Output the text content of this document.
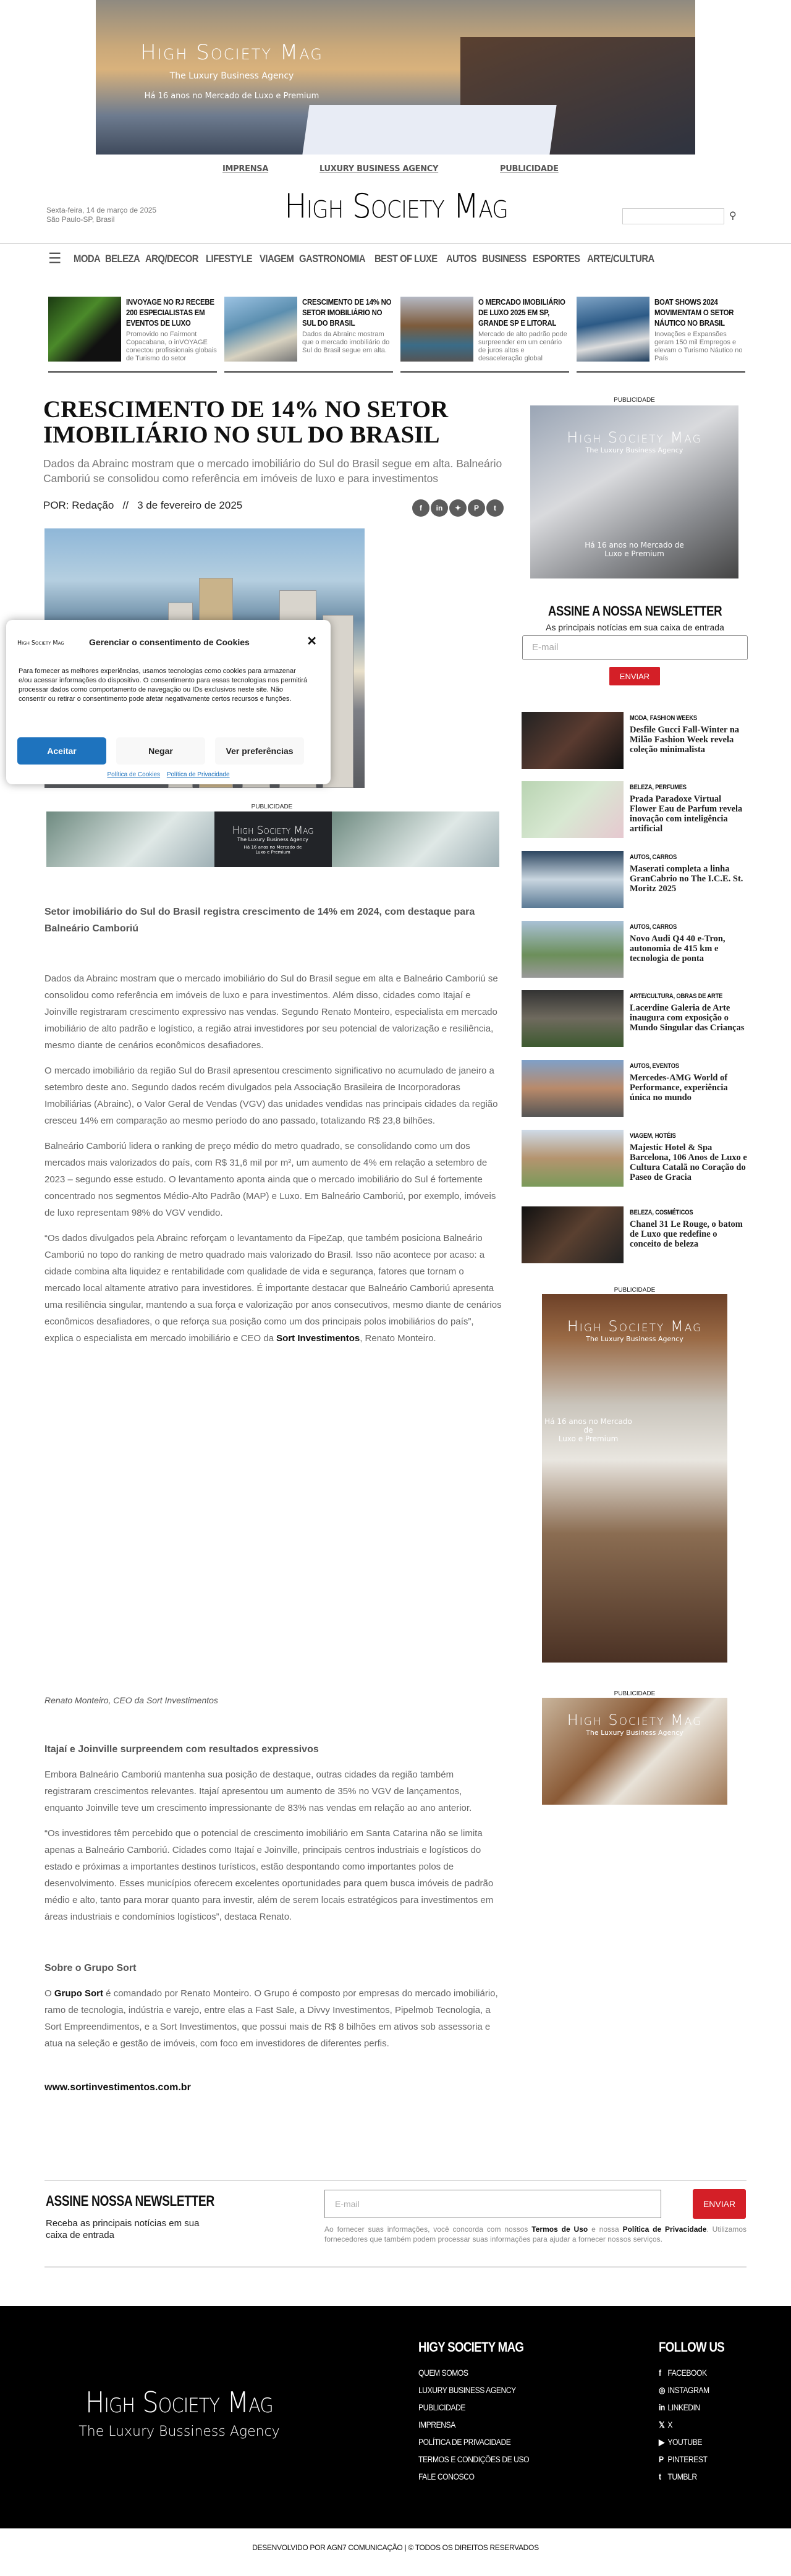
High Society Mag
The Luxury Business Agency
Há 16 anos no Mercado de Luxo e Premium
IMPRENSA	LUXURY BUSINESS AGENCY	PUBLICIDADE
Sexta-feira, 14 de março de 2025
São Paulo-SP, Brasil	High Society Mag	⚲
☰ MODA BELEZA ARQ/DECOR LIFESTYLE VIAGEM GASTRONOMIA BEST OF LUXE AUTOS BUSINESS ESPORTES ARTE/CULTURA
INVOYAGE NO RJ RECEBE 200 ESPECIALISTAS EM EVENTOS DE LUXO
Promovido no Fairmont Copacabana, o inVOYAGE conectou profissionais globais de Turismo do setor
CRESCIMENTO DE 14% NO SETOR IMOBILIÁRIO NO SUL DO BRASIL
Dados da Abrainc mostram que o mercado imobiliário do Sul do Brasil segue em alta.
O MERCADO IMOBILIÁRIO DE LUXO 2025 EM SP, GRANDE SP E LITORAL
Mercado de alto padrão pode surpreender em um cenário de juros altos e desaceleração global
BOAT SHOWS 2024 MOVIMENTAM O SETOR NÁUTICO NO BRASIL
Inovações e Expansões geram 150 mil Empregos e elevam o Turismo Náutico no País
CRESCIMENTO DE 14% NO SETOR IMOBILIÁRIO NO SUL DO BRASIL
Dados da Abrainc mostram que o mercado imobiliário do Sul do Brasil segue em alta. Balneário Camboriú se consolidou como referência em imóveis de luxo e para investimentos
POR: Redação   //   3 de fevereiro de 2025	f	in	✦	P	t
PUBLICIDADE
High Society Mag
The Luxury Business Agency
Há 16 anos no Mercado de
Luxo e Premium

Setor imobiliário do Sul do Brasil registra crescimento de 14% em 2024, com destaque para Balneário Camboriú

Dados da Abrainc mostram que o mercado imobiliário do Sul do Brasil segue em alta e Balneário Camboriú se consolidou como referência em imóveis de luxo e para investimentos. Além disso, cidades como Itajaí e Joinville registraram crescimento expressivo nas vendas. Segundo Renato Monteiro, especialista em mercado imobiliário de alto padrão e logístico, a região atrai investidores por seu potencial de valorização e resiliência, mesmo diante de cenários econômicos desafiadores.

O mercado imobiliário da região Sul do Brasil apresentou crescimento significativo no acumulado de janeiro a setembro deste ano. Segundo dados recém divulgados pela Associação Brasileira de Incorporadoras Imobiliárias (Abrainc), o Valor Geral de Vendas (VGV) das unidades vendidas nas principais cidades da região cresceu 14% em comparação ao mesmo período do ano passado, totalizando R$ 23,8 bilhões.

Balneário Camboriú lidera o ranking de preço médio do metro quadrado, se consolidando como um dos mercados mais valorizados do país, com R$ 31,6 mil por m², um aumento de 4% em relação a setembro de 2023 – segundo esse estudo. O levantamento aponta ainda que o mercado imobiliário do Sul é fortemente concentrado nos segmentos Médio-Alto Padrão (MAP) e Luxo. Em Balneário Camboriú, por exemplo, imóveis de luxo representam 98% do VGV vendido.

“Os dados divulgados pela Abrainc reforçam o levantamento da FipeZap, que também posiciona Balneário Camboriú no topo do ranking de metro quadrado mais valorizado do Brasil. Isso não acontece por acaso: a cidade combina alta liquidez e rentabilidade com qualidade de vida e segurança, fatores que tornam o mercado local altamente atrativo para investidores. É importante destacar que Balneário Camboriú apresenta uma resiliência singular, mantendo a sua força e valorização por anos consecutivos, mesmo diante de cenários econômicos desafiadores, o que reforça sua posição como um dos principais polos imobiliários do país”, explica o especialista em mercado imobiliário e CEO da Sort Investimentos, Renato Monteiro.

Renato Monteiro, CEO da Sort Investimentos

Itajaí e Joinville surpreendem com resultados expressivos

Embora Balneário Camboriú mantenha sua posição de destaque, outras cidades da região também registraram crescimentos relevantes. Itajaí apresentou um aumento de 35% no VGV de lançamentos, enquanto Joinville teve um crescimento impressionante de 83% nas vendas em relação ao ano anterior.

“Os investidores têm percebido que o potencial de crescimento imobiliário em Santa Catarina não se limita apenas a Balneário Camboriú. Cidades como Itajaí e Joinville, principais centros industriais e logísticos do estado e próximas a importantes destinos turísticos, estão despontando como importantes polos de desenvolvimento. Esses municípios oferecem excelentes oportunidades para quem busca imóveis de padrão médio e alto, tanto para morar quanto para investir, além de serem locais estratégicos para investimentos em áreas industriais e condomínios logísticos”, destaca Renato.

Sobre o Grupo Sort

O Grupo Sort é comandado por Renato Monteiro. O Grupo é composto por empresas do mercado imobiliário, ramo de tecnologia, indústria e varejo, entre elas a Fast Sale, a Divvy Investimentos, Pipelmob Tecnologia, a Sort Empreendimentos, e a Sort Investimentos, que possui mais de R$ 8 bilhões em ativos sob assessoria e atua na seleção e gestão de imóveis, com foco em investidores de diferentes perfis.

www.sortinvestimentos.com.br

PUBLICIDADE
High Society Mag
The Luxury Business Agency
Há 16 anos no Mercado de
Luxo e Premium
ASSINE A NOSSA NEWSLETTER
As principais notícias em sua caixa de entrada
E-mail
ENVIAR
MODA, FASHION WEEKS
Desfile Gucci Fall-Winter na Milão Fashion Week revela coleção minimalista
BELEZA, PERFUMES
Prada Paradoxe Virtual Flower Eau de Parfum revela inovação com inteligência artificial
AUTOS, CARROS
Maserati completa a linha GranCabrio no The I.C.E. St. Moritz 2025
AUTOS, CARROS
Novo Audi Q4 40 e-Tron, autonomia de 415 km e tecnologia de ponta
ARTE/CULTURA, OBRAS DE ARTE
Lacerdine Galeria de Arte inaugura com exposição o Mundo Singular das Crianças
AUTOS, EVENTOS
Mercedes-AMG World of Performance, experiência única no mundo
VIAGEM, HOTÉIS
Majestic Hotel & Spa Barcelona, 106 Anos de Luxo e Cultura Catalã no Coração do Paseo de Gracia
BELEZA, COSMÉTICOS
Chanel 31 Le Rouge, o batom de Luxo que redefine o conceito de beleza
PUBLICIDADE
High Society Mag
The Luxury Business Agency
Há 16 anos no Mercado de
Luxo e Premium
PUBLICIDADE
High Society Mag
The Luxury Business Agency
High Society Mag	Gerenciar o consentimento de Cookies	✕
Para fornecer as melhores experiências, usamos tecnologias como cookies para armazenar e/ou acessar informações do dispositivo. O consentimento para essas tecnologias nos permitirá processar dados como comportamento de navegação ou IDs exclusivos neste site. Não consentir ou retirar o consentimento pode afetar negativamente certos recursos e funções.
Aceitar	Negar	Ver preferências
Política de Cookies Política de Privacidade
ASSINE NOSSA NEWSLETTER
Receba as principais notícias em sua caixa de entrada
E-mail	ENVIAR
Ao fornecer suas informações, você concorda com nossos Termos de Uso e nossa Política de Privacidade. Utilizamos fornecedores que também podem processar suas informações para ajudar a fornecer nossos serviços.
High Society Mag
The Luxury Bussiness Agency
HIGY SOCIETY MAG	FOLLOW US
QUEM SOMOS
LUXURY BUSINESS AGENCY
PUBLICIDADE
IMPRENSA
POLÍTICA DE PRIVACIDADE
TERMOS E CONDIÇÕES DE USO
FALE CONOSCO
f FACEBOOK
◎ INSTAGRAM
in LINKEDIN
𝕏 X
▶ YOUTUBE
P PINTEREST
t TUMBLR
DESENVOLVIDO POR AGN7 COMUNICAÇÃO | © TODOS OS DIREITOS RESERVADOS
